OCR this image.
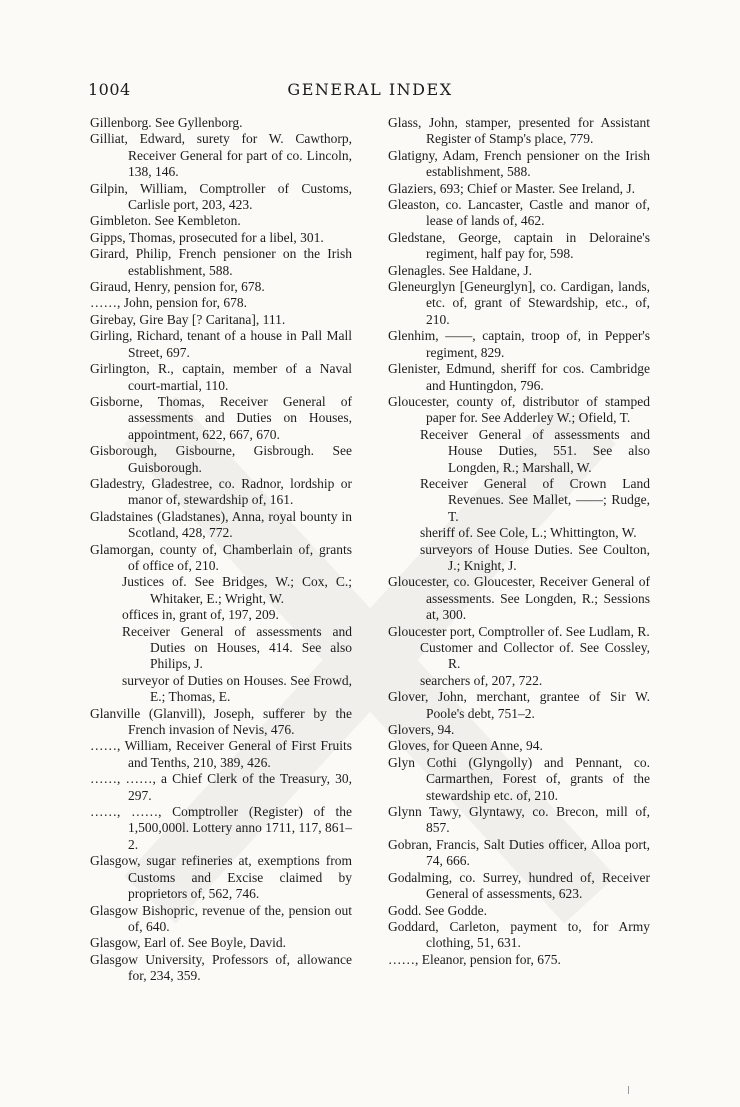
1004	GENERAL INDEX

Gillenborg. See Gyllenborg.

Gilliat, Edward, surety for W. Cawthorp, Receiver General for part of co. Lincoln, 138, 146.

Gilpin, William, Comptroller of Customs, Carlisle port, 203, 423.

Gimbleton. See Kembleton.

Gipps, Thomas, prosecuted for a libel, 301.

Girard, Philip, French pensioner on the Irish establishment, 588.

Giraud, Henry, pension for, 678.

……, John, pension for, 678.

Girebay, Gire Bay [? Caritana], 111.

Girling, Richard, tenant of a house in Pall Mall Street, 697.

Girlington, R., captain, member of a Naval court-martial, 110.

Gisborne, Thomas, Receiver General of assessments and Duties on Houses, appointment, 622, 667, 670.

Gisborough, Gisbourne, Gisbrough. See Guisborough.

Gladestry, Gladestree, co. Radnor, lordship or manor of, stewardship of, 161.

Gladstaines (Gladstanes), Anna, royal bounty in Scotland, 428, 772.

Glamorgan, county of, Chamberlain of, grants of office of, 210.

Justices of. See Bridges, W.; Cox, C.; Whitaker, E.; Wright, W.

offices in, grant of, 197, 209.

Receiver General of assessments and Duties on Houses, 414. See also Philips, J.

surveyor of Duties on Houses. See Frowd, E.; Thomas, E.

Glanville (Glanvill), Joseph, sufferer by the French invasion of Nevis, 476.

……, William, Receiver General of First Fruits and Tenths, 210, 389, 426.

……, ……, a Chief Clerk of the Treasury, 30, 297.

……, ……, Comptroller (Register) of the 1,500,000l. Lottery anno 1711, 117, 861–2.

Glasgow, sugar refineries at, exemptions from Customs and Excise claimed by proprietors of, 562, 746.

Glasgow Bishopric, revenue of the, pension out of, 640.

Glasgow, Earl of. See Boyle, David.

Glasgow University, Professors of, allowance for, 234, 359.

Glass, John, stamper, presented for Assistant Register of Stamp's place, 779.

Glatigny, Adam, French pensioner on the Irish establishment, 588.

Glaziers, 693; Chief or Master. See Ireland, J.

Gleaston, co. Lancaster, Castle and manor of, lease of lands of, 462.

Gledstane, George, captain in Deloraine's regiment, half pay for, 598.

Glenagles. See Haldane, J.

Gleneurglyn [Geneurglyn], co. Cardigan, lands, etc. of, grant of Stewardship, etc., of, 210.

Glenhim, ——, captain, troop of, in Pepper's regiment, 829.

Glenister, Edmund, sheriff for cos. Cambridge and Huntingdon, 796.

Gloucester, county of, distributor of stamped paper for. See Adderley W.; Ofield, T.

Receiver General of assessments and House Duties, 551. See also Longden, R.; Marshall, W.

Receiver General of Crown Land Revenues. See Mallet, ——; Rudge, T.

sheriff of. See Cole, L.; Whittington, W.

surveyors of House Duties. See Coulton, J.; Knight, J.

Gloucester, co. Gloucester, Receiver General of assessments. See Longden, R.; Sessions at, 300.

Gloucester port, Comptroller of. See Ludlam, R.

Customer and Collector of. See Cossley, R.

searchers of, 207, 722.

Glover, John, merchant, grantee of Sir W. Poole's debt, 751–2.

Glovers, 94.

Gloves, for Queen Anne, 94.

Glyn Cothi (Glyngolly) and Pennant, co. Carmarthen, Forest of, grants of the stewardship etc. of, 210.

Glynn Tawy, Glyntawy, co. Brecon, mill of, 857.

Gobran, Francis, Salt Duties officer, Alloa port, 74, 666.

Godalming, co. Surrey, hundred of, Receiver General of assessments, 623.

Godd. See Godde.

Goddard, Carleton, payment to, for Army clothing, 51, 631.

……, Eleanor, pension for, 675.
